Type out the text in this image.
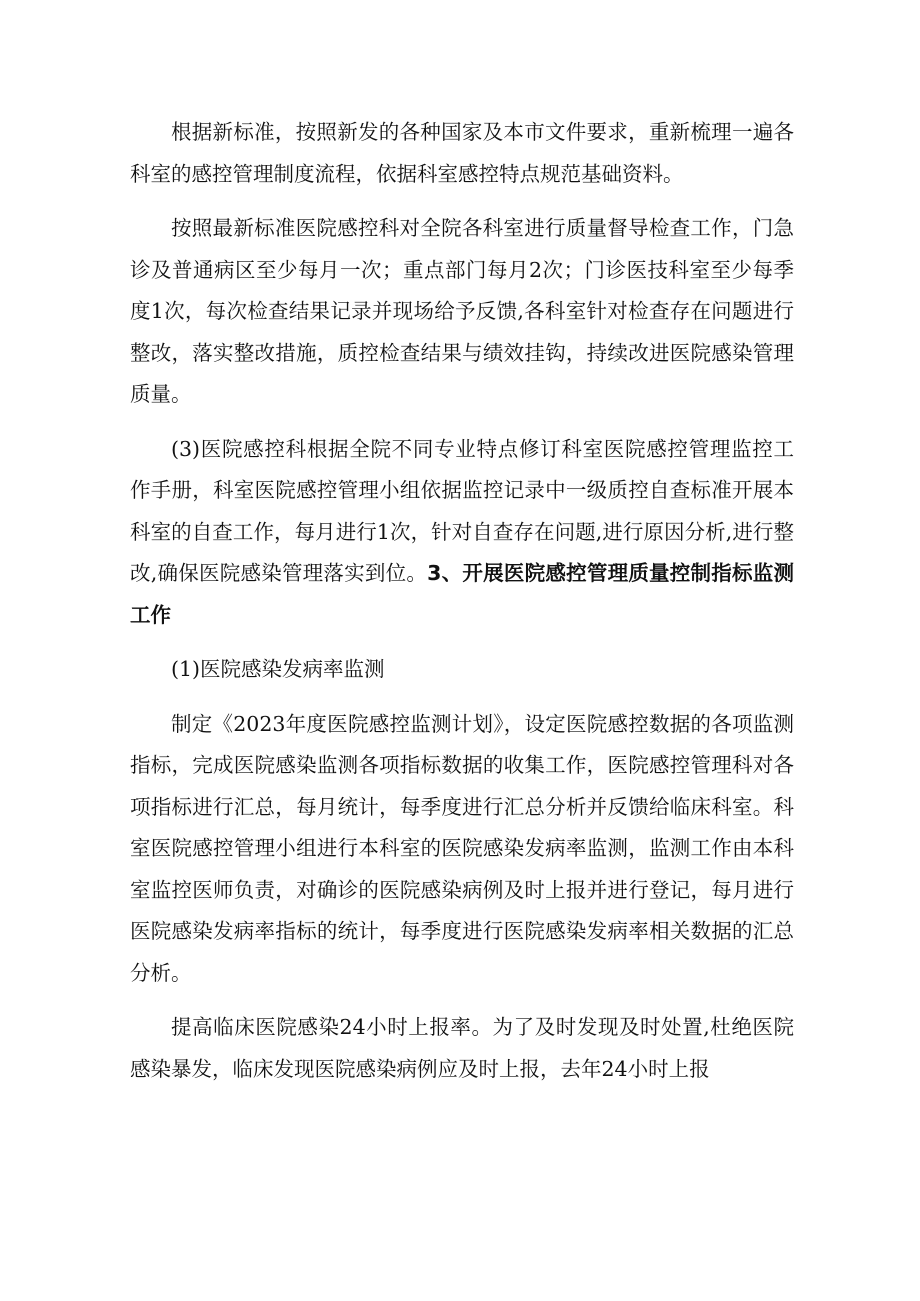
根据新标准，按照新发的各种国家及本市文件要求，重新梳理一遍各科室的感控管理制度流程，依据科室感控特点规范基础资料。

按照最新标准医院感控科对全院各科室进行质量督导检查工作，门急诊及普通病区至少每月一次；重点部门每月2次；门诊医技科室至少每季度1次，每次检查结果记录并现场给予反馈,各科室针对检查存在问题进行整改，落实整改措施，质控检查结果与绩效挂钩，持续改进医院感染管理质量。

(3)医院感控科根据全院不同专业特点修订科室医院感控管理监控工作手册，科室医院感控管理小组依据监控记录中一级质控自查标准开展本科室的自查工作，每月进行1次，针对自查存在问题,进行原因分析,进行整改,确保医院感染管理落实到位。3、开展医院感控管理质量控制指标监测工作

(1)医院感染发病率监测

制定《2023年度医院感控监测计划》，设定医院感控数据的各项监测指标，完成医院感染监测各项指标数据的收集工作，医院感控管理科对各项指标进行汇总，每月统计，每季度进行汇总分析并反馈给临床科室。科室医院感控管理小组进行本科室的医院感染发病率监测，监测工作由本科室监控医师负责，对确诊的医院感染病例及时上报并进行登记，每月进行医院感染发病率指标的统计，每季度进行医院感染发病率相关数据的汇总分析。

提高临床医院感染24小时上报率。为了及时发现及时处置,杜绝医院感染暴发，临床发现医院感染病例应及时上报，去年24小时上报
